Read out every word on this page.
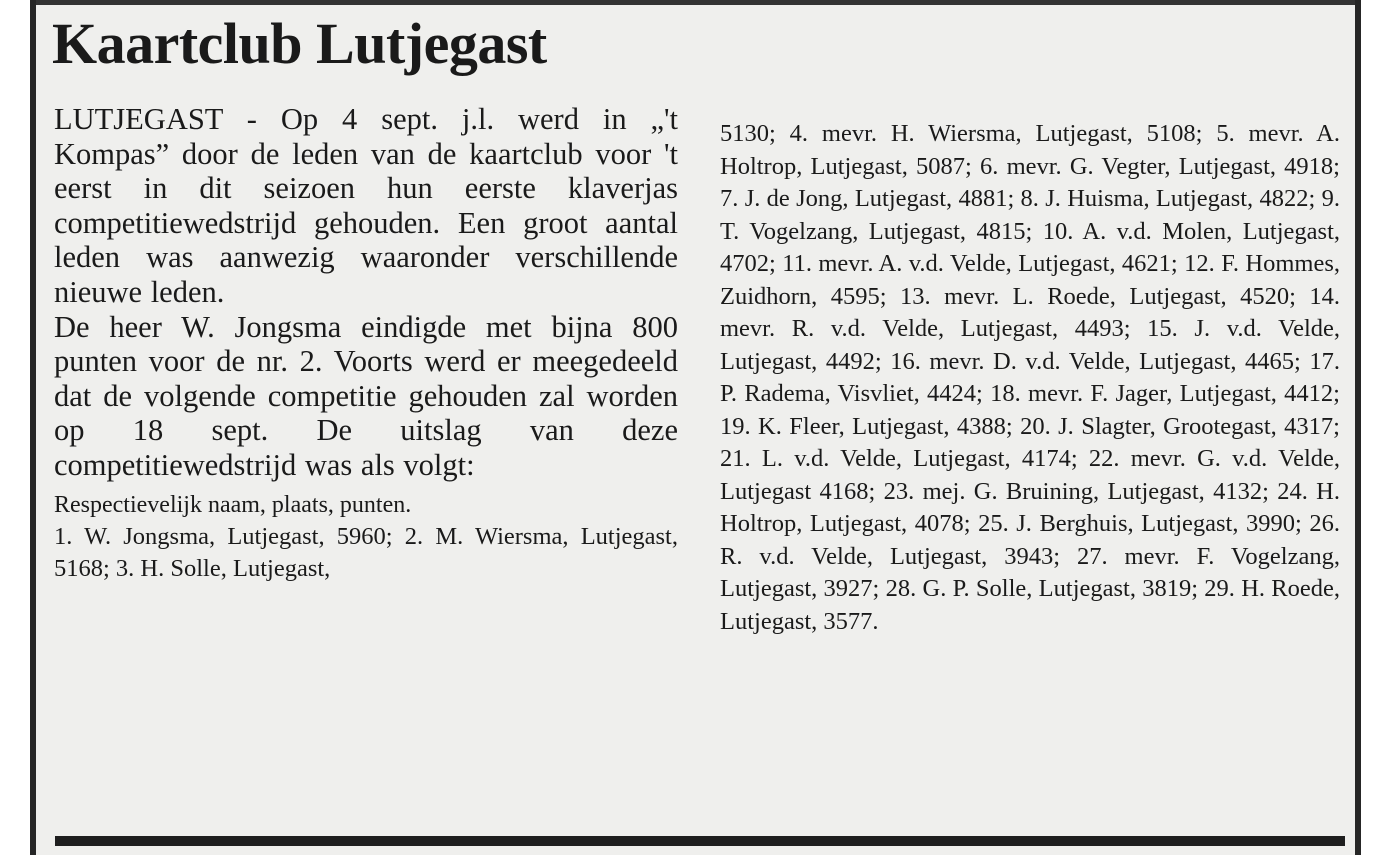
Kaartclub Lutjegast

LUTJEGAST - Op 4 sept. j.l. werd in „'t Kompas” door de leden van de kaartclub voor 't eerst in dit seizoen hun eerste klaverjas competitiewedstrijd gehouden. Een groot aantal leden was aanwezig waaronder verschillende nieuwe leden.

De heer W. Jongsma eindigde met bijna 800 punten voor de nr. 2. Voorts werd er meegedeeld dat de volgende competitie gehouden zal worden op 18 sept. De uitslag van deze competitiewedstrijd was als volgt:

Respectievelijk naam, plaats, punten.

1. W. Jongsma, Lutjegast, 5960; 2. M. Wiersma, Lutjegast, 5168; 3. H. Solle, Lutjegast,

5130; 4. mevr. H. Wiersma, Lutjegast, 5108; 5. mevr. A. Holtrop, Lutjegast, 5087; 6. mevr. G. Vegter, Lutjegast, 4918; 7. J. de Jong, Lutjegast, 4881; 8. J. Huisma, Lutjegast, 4822; 9. T. Vogelzang, Lutjegast, 4815; 10. A. v.d. Molen, Lutjegast, 4702; 11. mevr. A. v.d. Velde, Lutjegast, 4621; 12. F. Hommes, Zuidhorn, 4595; 13. mevr. L. Roede, Lutjegast, 4520; 14. mevr. R. v.d. Velde, Lutjegast, 4493; 15. J. v.d. Velde, Lutjegast, 4492; 16. mevr. D. v.d. Velde, Lutjegast, 4465; 17. P. Radema, Visvliet, 4424; 18. mevr. F. Jager, Lutjegast, 4412; 19. K. Fleer, Lutjegast, 4388; 20. J. Slagter, Grootegast, 4317; 21. L. v.d. Velde, Lutjegast, 4174; 22. mevr. G. v.d. Velde, Lutjegast 4168; 23. mej. G. Bruining, Lutjegast, 4132; 24. H. Holtrop, Lutjegast, 4078; 25. J. Berghuis, Lutjegast, 3990; 26. R. v.d. Velde, Lutjegast, 3943; 27. mevr. F. Vogelzang, Lutjegast, 3927; 28. G. P. Solle, Lutjegast, 3819; 29. H. Roede, Lutjegast, 3577.
